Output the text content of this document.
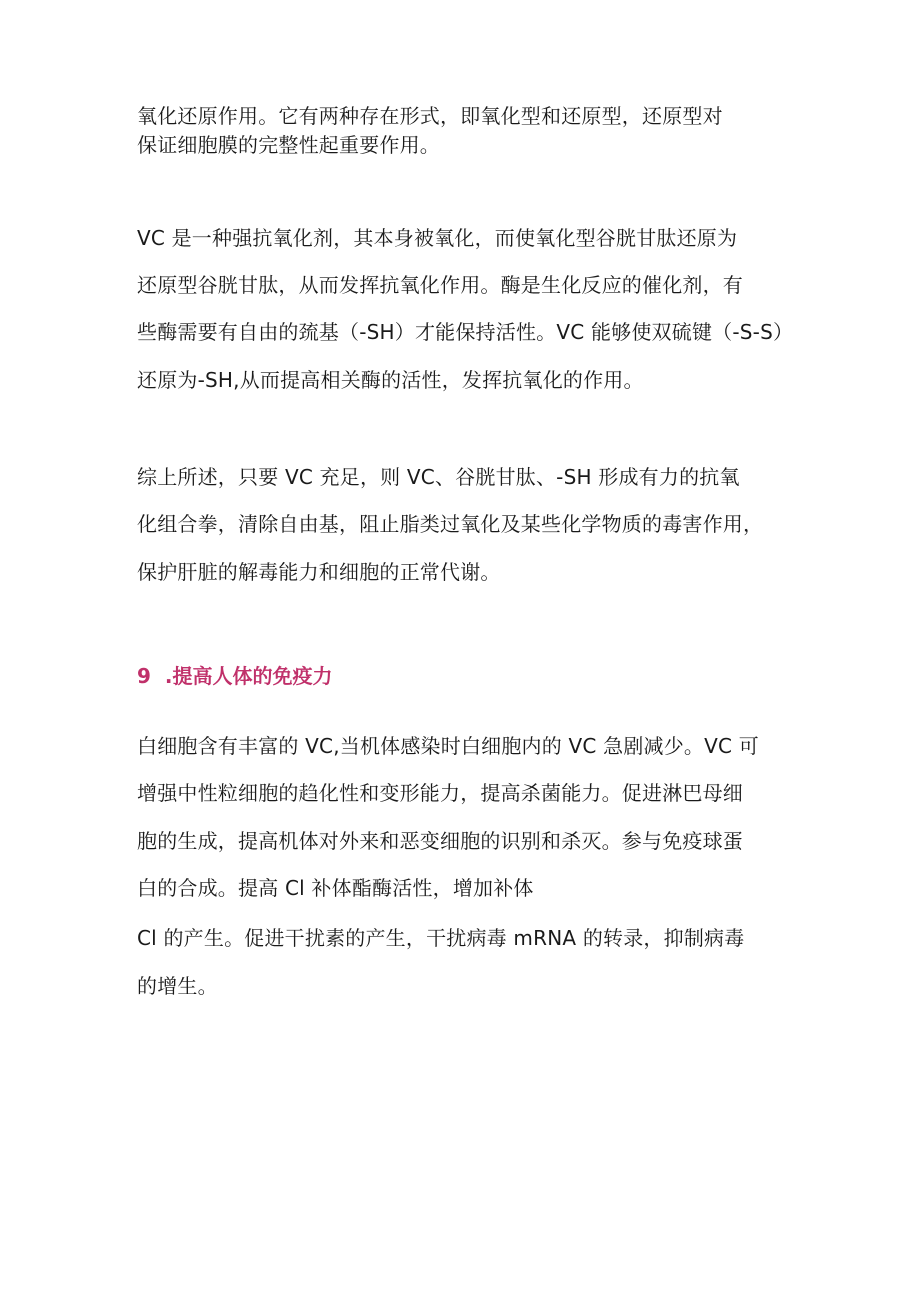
氧化还原作用。它有两种存在形式，即氧化型和还原型，还原型对
保证细胞膜的完整性起重要作用。
VC 是一种强抗氧化剂，其本身被氧化，而使氧化型谷胱甘肽还原为
还原型谷胱甘肽，从而发挥抗氧化作用。酶是生化反应的催化剂，有
些酶需要有自由的巯基（-SH）才能保持活性。VC 能够使双硫键（-S-S）
还原为-SH,从而提高相关酶的活性，发挥抗氧化的作用。
综上所述，只要 VC 充足，则 VC、谷胱甘肽、-SH 形成有力的抗氧
化组合拳，清除自由基，阻止脂类过氧化及某些化学物质的毒害作用，
保护肝脏的解毒能力和细胞的正常代谢。
9 .提高人体的免疫力
白细胞含有丰富的 VC,当机体感染时白细胞内的 VC 急剧减少。VC 可
增强中性粒细胞的趋化性和变形能力，提高杀菌能力。促进淋巴母细
胞的生成，提高机体对外来和恶变细胞的识别和杀灭。参与免疫球蛋
白的合成。提高 Cl 补体酯酶活性，增加补体
Cl 的产生。促进干扰素的产生，干扰病毒 mRNA 的转录，抑制病毒
的增生。
